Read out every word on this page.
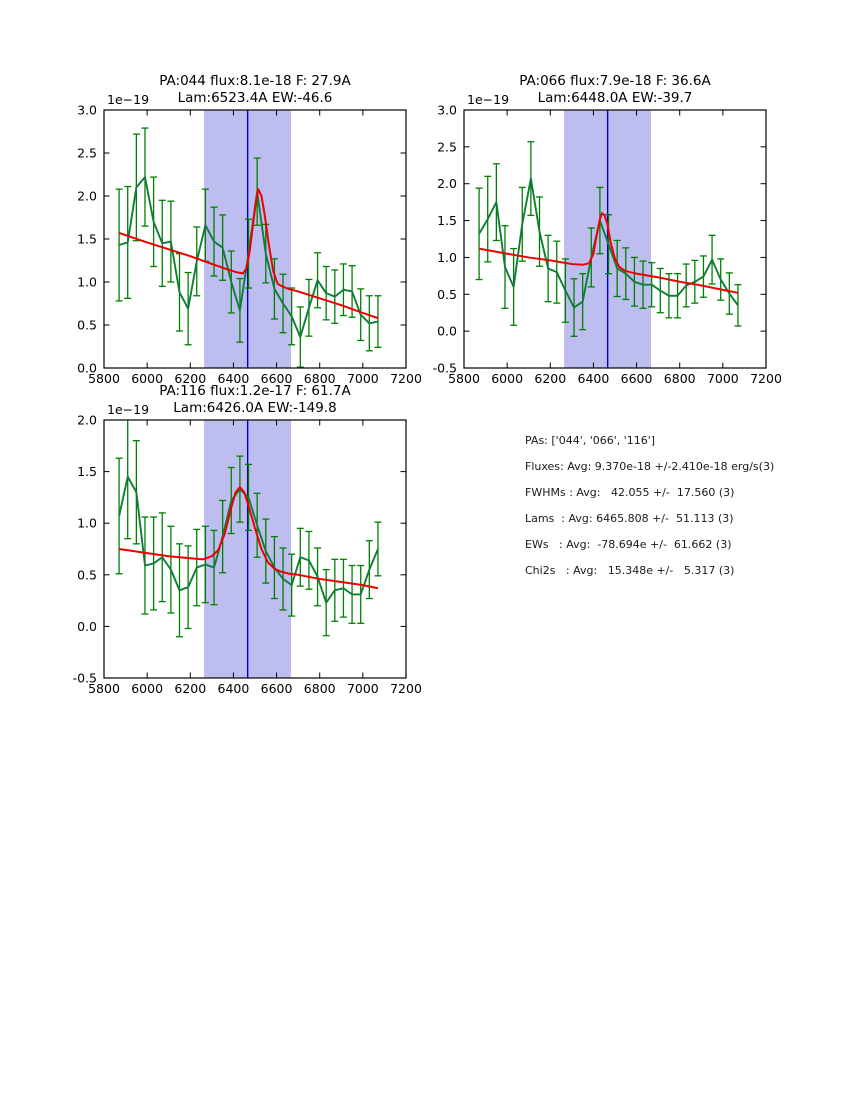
5800 6000 6200 6400 6600 6800 7000 7200
0.0
0.5
1.0
1.5
2.0
2.5
3.0
5800 6000 6200 6400 6600 6800 7000 7200
-0.5
0.0
0.5
1.0
1.5
2.0
2.5
3.0
5800 6000 6200 6400 6600 6800 7000 7200
-0.5
0.0
0.5
1.0
1.5
2.0
PA:044 flux:8.1e-18 F: 27.9A
Lam:6523.4A EW:-46.6
PA:066 flux:7.9e-18 F: 36.6A
Lam:6448.0A EW:-39.7
PA:116 flux:1.2e-17 F: 61.7A
Lam:6426.0A EW:-149.8
1e−19	1e−19
1e−19
PAs: ['044', '066', '116']
Fluxes: Avg: 9.370e-18 +/-2.410e-18 erg/s(3)
FWHMs : Avg:   42.055 +/-  17.560 (3)
Lams  : Avg: 6465.808 +/-  51.113 (3)
EWs   : Avg:  -78.694e +/-  61.662 (3)
Chi2s   : Avg:   15.348e +/-   5.317 (3)
